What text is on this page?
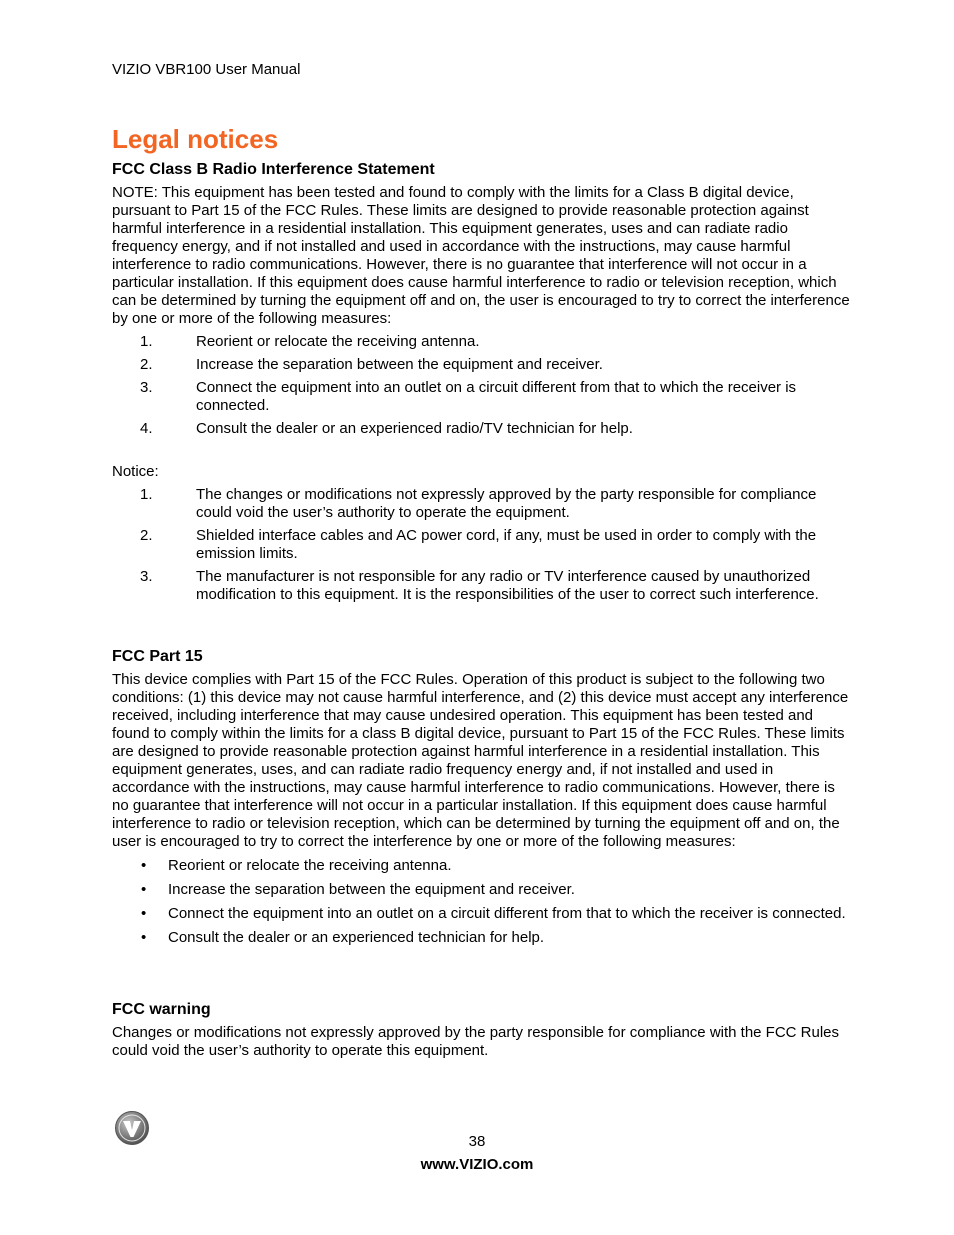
VIZIO VBR100 User Manual
Legal notices
FCC Class B Radio Interference Statement

NOTE: This equipment has been tested and found to comply with the limits for a Class B digital device, pursuant to Part 15 of the FCC Rules. These limits are designed to provide reasonable protection against harmful interference in a residential installation. This equipment generates, uses and can radiate radio frequency energy, and if not installed and used in accordance with the instructions, may cause harmful interference to radio communications. However, there is no guarantee that interference will not occur in a particular installation. If this equipment does cause harmful interference to radio or television reception, which can be determined by turning the equipment off and on, the user is encouraged to try to correct the interference by one or more of the following measures:

1.	Reorient or relocate the receiving antenna.
2.	Increase the separation between the equipment and receiver.
3.	Connect the equipment into an outlet on a circuit different from that to which the receiver is connected.
4.	Consult the dealer or an experienced radio/TV technician for help.

Notice:

1.	The changes or modifications not expressly approved by the party responsible for compliance could void the user’s authority to operate the equipment.
2.	Shielded interface cables and AC power cord, if any, must be used in order to comply with the emission limits.
3.	The manufacturer is not responsible for any radio or TV interference caused by unauthorized modification to this equipment. It is the responsibilities of the user to correct such interference.
FCC Part 15

This device complies with Part 15 of the FCC Rules. Operation of this product is subject to the following two conditions: (1) this device may not cause harmful interference, and (2) this device must accept any interference received, including interference that may cause undesired operation. This equipment has been tested and found to comply within the limits for a class B digital device, pursuant to Part 15 of the FCC Rules. These limits are designed to provide reasonable protection against harmful interference in a residential installation. This equipment generates, uses, and can radiate radio frequency energy and, if not installed and used in accordance with the instructions, may cause harmful interference to radio communications. However, there is no guarantee that interference will not occur in a particular installation. If this equipment does cause harmful interference to radio or television reception, which can be determined by turning the equipment off and on, the user is encouraged to try to correct the interference by one or more of the following measures:

• Reorient or relocate the receiving antenna.
• Increase the separation between the equipment and receiver.
• Connect the equipment into an outlet on a circuit different from that to which the receiver is connected.
• Consult the dealer or an experienced technician for help.
FCC warning

Changes or modifications not expressly approved by the party responsible for compliance with the FCC Rules could void the user’s authority to operate this equipment.

38
www.VIZIO.com
